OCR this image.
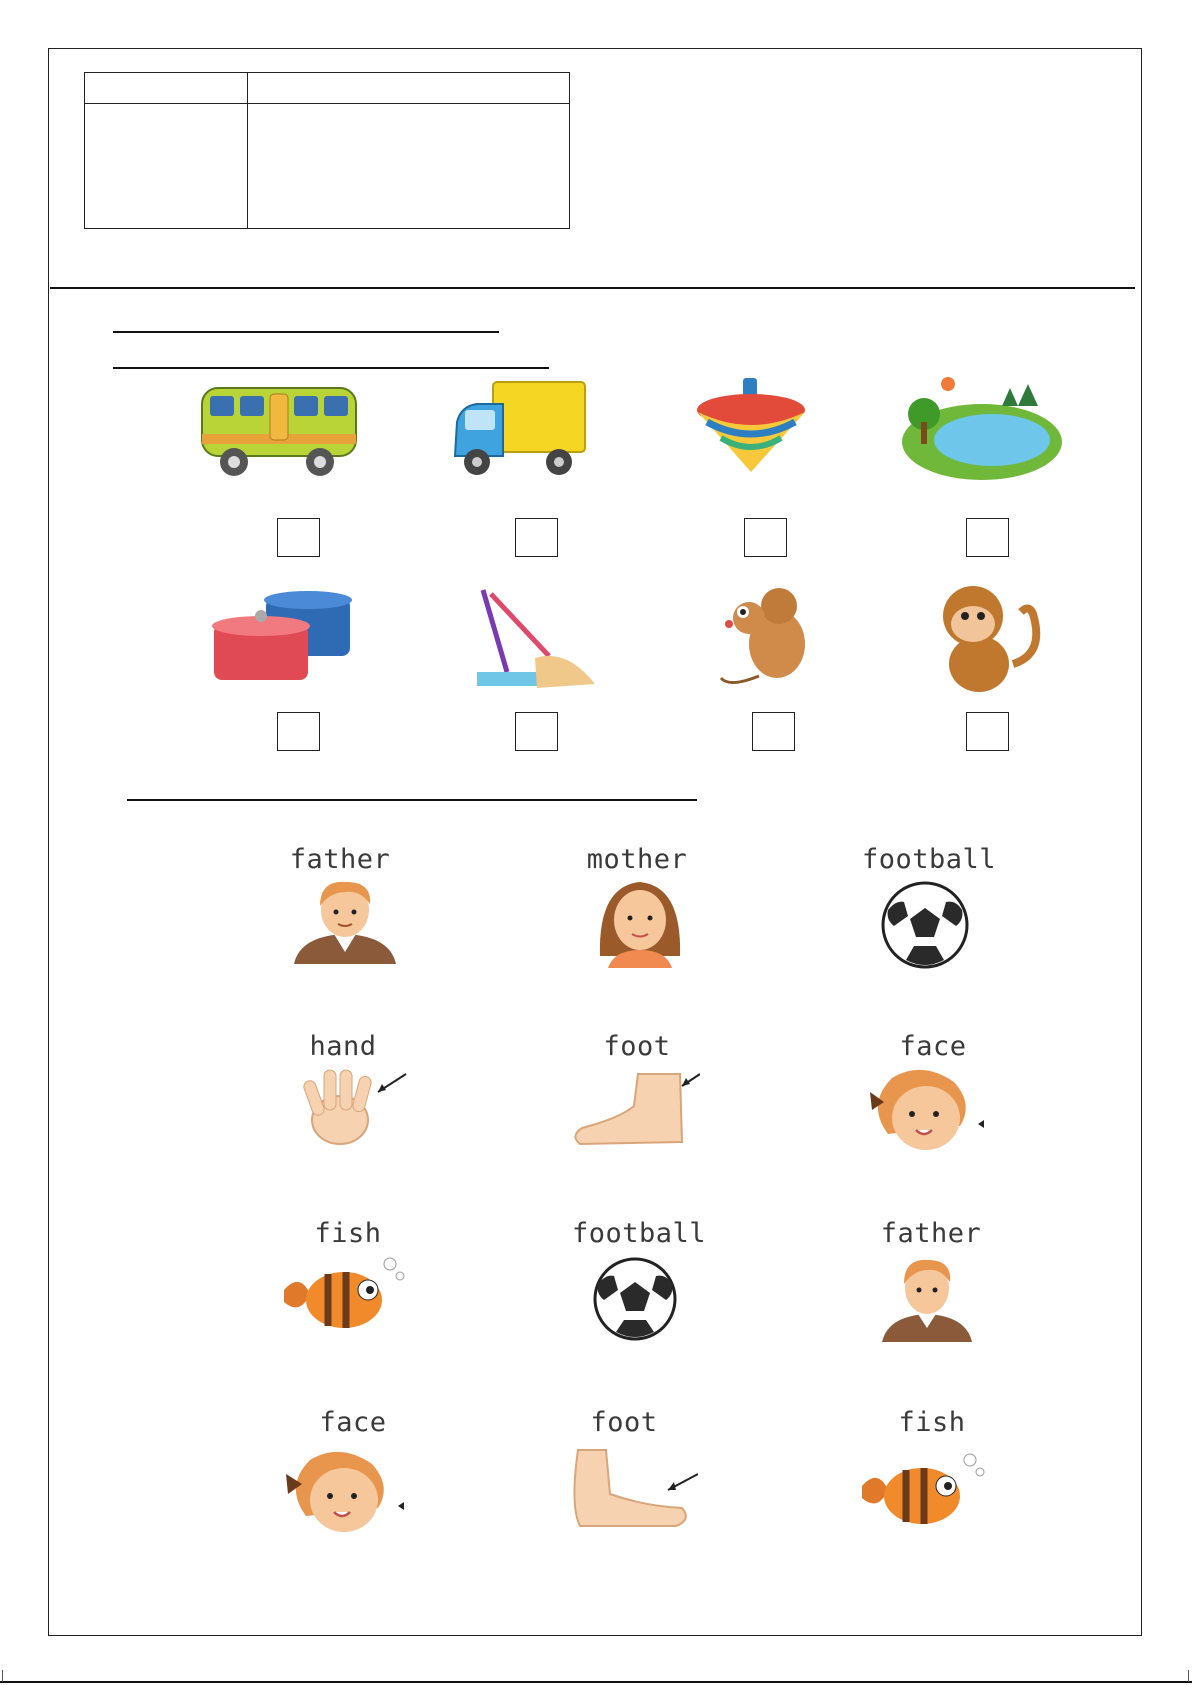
father	mother	football
hand	foot	face
fish	football	father
face	foot	fish
